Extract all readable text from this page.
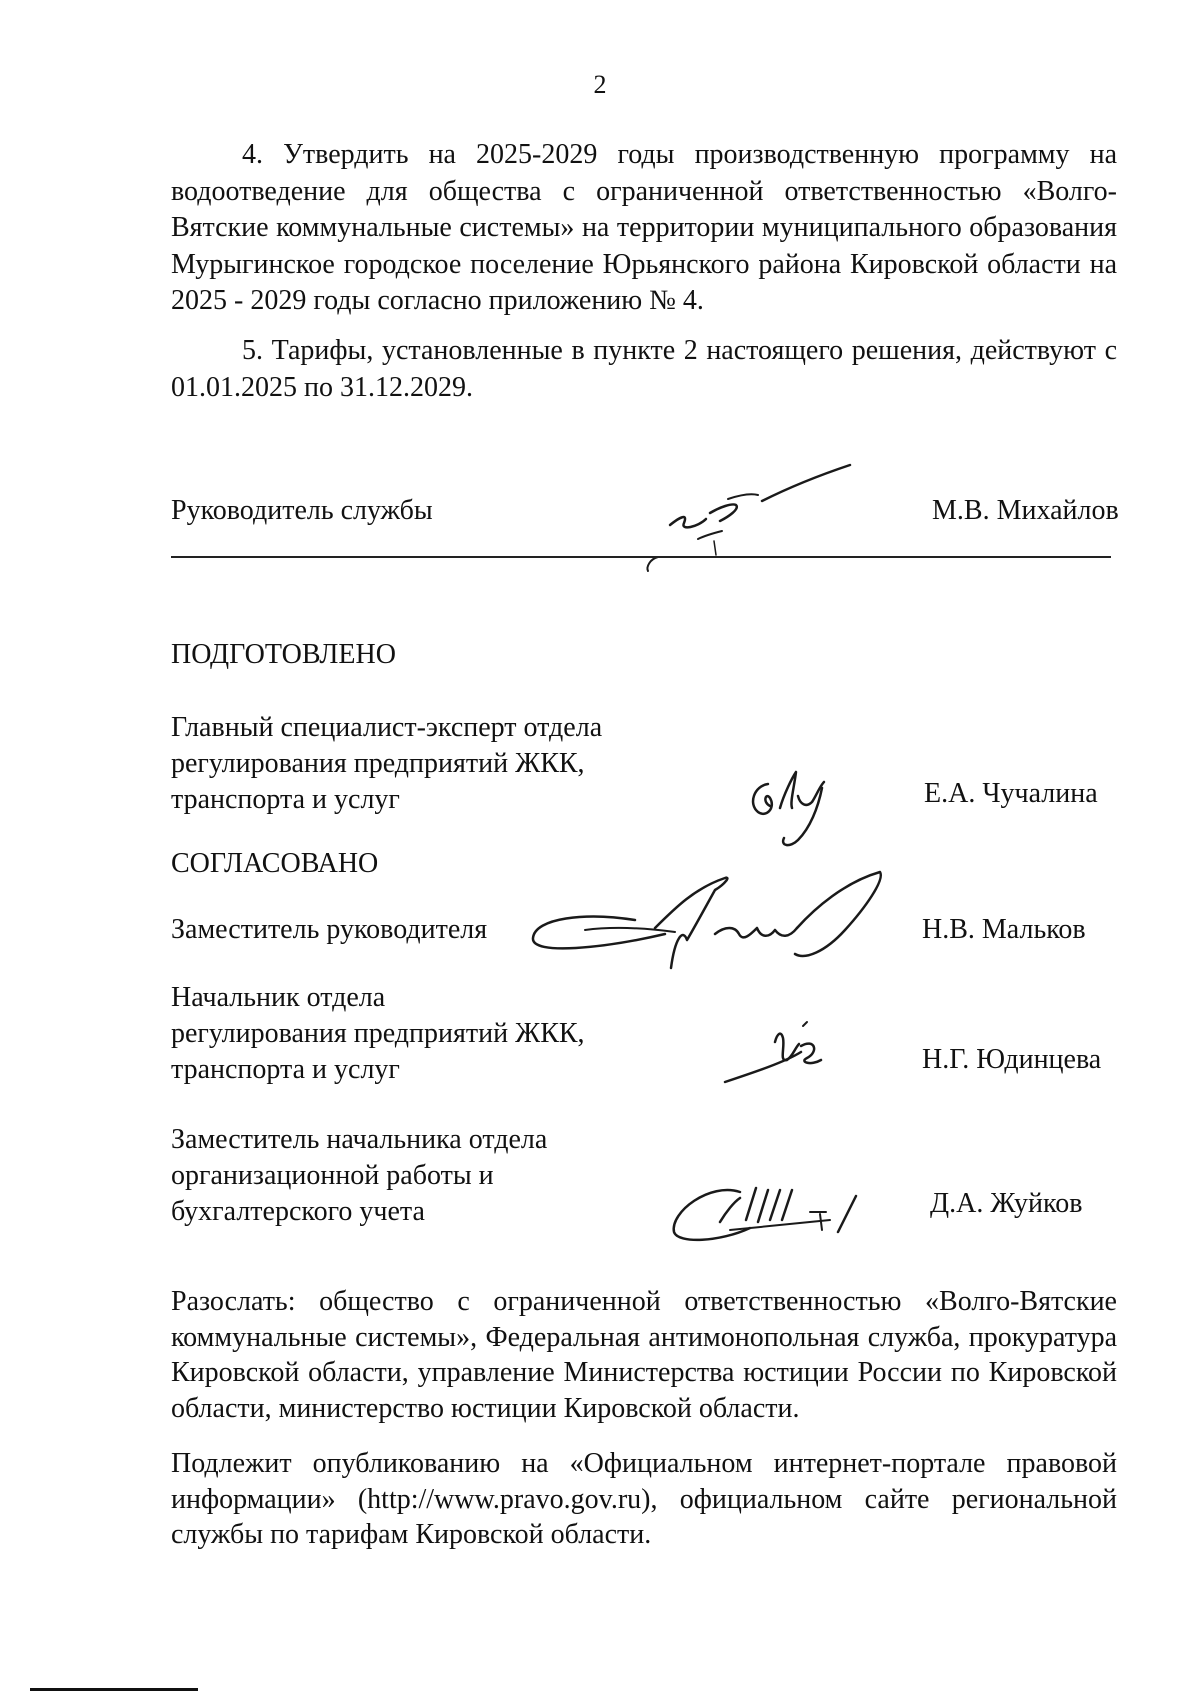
2

4. Утвердить на 2025-2029 годы производственную программу на водоотведение для общества с ограниченной ответственностью «Волго-Вятские коммунальные системы» на территории муниципального образования Мурыгинское городское поселение Юрьянского района Кировской области на 2025 - 2029 годы согласно приложению № 4.

5. Тарифы, установленные в пункте 2 настоящего решения, действуют с 01.01.2025 по 31.12.2029.

Руководитель службы	М.В. Михайлов

ПОДГОТОВЛЕНО

Главный специалист-эксперт отдела
регулирования предприятий ЖКК,
транспорта и услуг	Е.А. Чучалина

СОГЛАСОВАНО

Заместитель руководителя	Н.В. Мальков

Начальник отдела
регулирования предприятий ЖКК,
транспорта и услуг	Н.Г. Юдинцева

Заместитель начальника отдела
организационной работы и
бухгалтерского учета	Д.А. Жуйков

Разослать: общество с ограниченной ответственностью «Волго-Вятские коммунальные системы», Федеральная антимонопольная служба, прокуратура Кировской области, управление Министерства юстиции России по Кировской области, министерство юстиции Кировской области.

Подлежит опубликованию на «Официальном интернет-портале правовой информации» (http://www.pravo.gov.ru), официальном сайте региональной службы по тарифам Кировской области.
